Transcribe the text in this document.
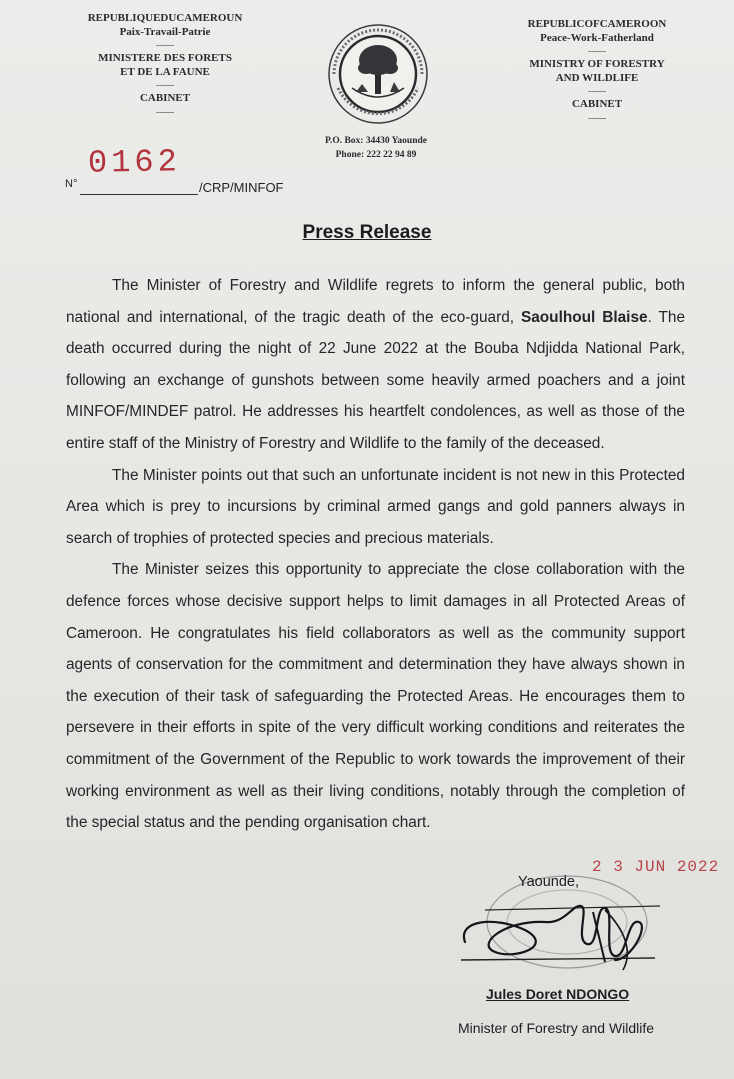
REPUBLIQUEDUCAMEROUN
Paix-Travail-Patrie
------
MINISTERE DES FORETS
ET DE LA FAUNE
------
CABINET
------
REPUBLICOFCAMEROON
Peace-Work-Fatherland
------
MINISTRY OF FORESTRY
AND WILDLIFE
------
CABINET
------
P.O. Box: 34430 Yaounde
Phone: 222 22 94 89
0162
N°	/CRP/MINFOF
Press Release

The Minister of Forestry and Wildlife regrets to inform the general public, both national and international, of the tragic death of the eco-guard, Saoulhoul Blaise. The death occurred during the night of 22 June 2022 at the Bouba Ndjidda National Park, following an exchange of gunshots between some heavily armed poachers and a joint MINFOF/MINDEF patrol. He addresses his heartfelt condolences, as well as those of the entire staff of the Ministry of Forestry and Wildlife to the family of the deceased.

The Minister points out that such an unfortunate incident is not new in this Protected Area which is prey to incursions by criminal armed gangs and gold panners always in search of trophies of protected species and precious materials.

The Minister seizes this opportunity to appreciate the close collaboration with the defence forces whose decisive support helps to limit damages in all Protected Areas of Cameroon. He congratulates his field collaborators as well as the community support agents of conservation for the commitment and determination they have always shown in the execution of their task of safeguarding the Protected Areas. He encourages them to persevere in their efforts in spite of the very difficult working conditions and reiterates the commitment of the Government of the Republic to work towards the improvement of their working environment as well as their living conditions, notably through the completion of the special status and the pending organisation chart.

2 3 JUN 2022
Yaounde,
Jules Doret NDONGO
Minister of Forestry and Wildlife
